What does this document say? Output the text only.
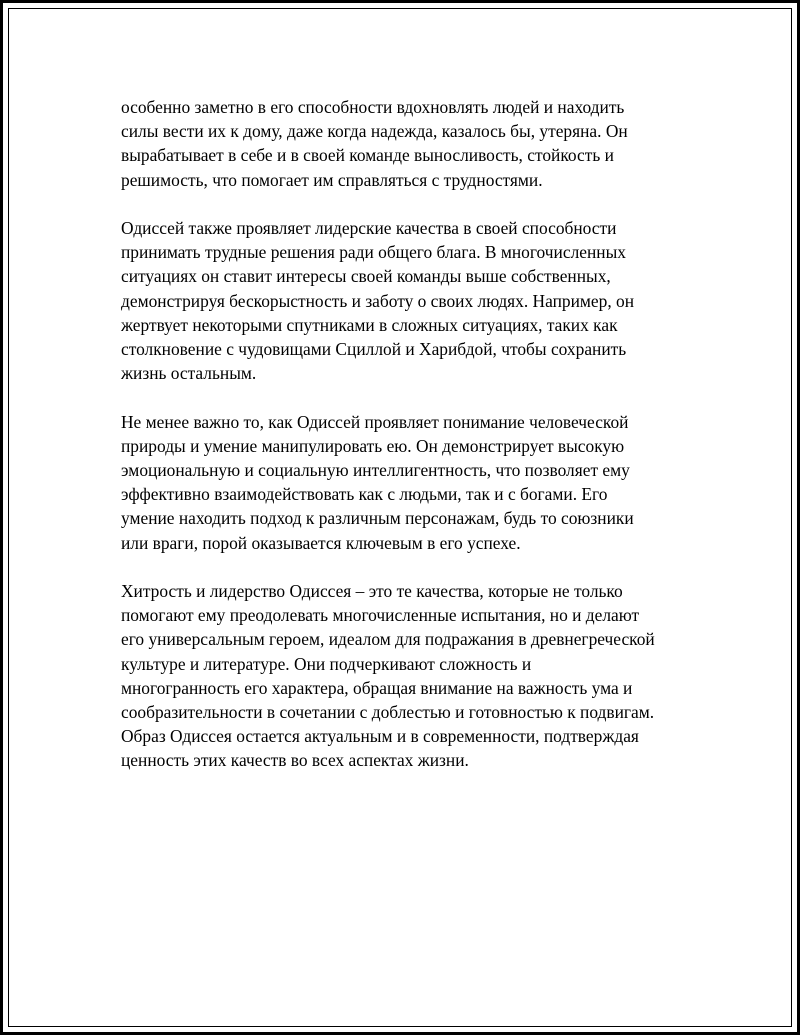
особенно заметно в его способности вдохновлять людей и находить
силы вести их к дому, даже когда надежда, казалось бы, утеряна. Он
вырабатывает в себе и в своей команде выносливость, стойкость и
решимость, что помогает им справляться с трудностями.

Одиссей также проявляет лидерские качества в своей способности
принимать трудные решения ради общего блага. В многочисленных
ситуациях он ставит интересы своей команды выше собственных,
демонстрируя бескорыстность и заботу о своих людях. Например, он
жертвует некоторыми спутниками в сложных ситуациях, таких как
столкновение с чудовищами Сциллой и Харибдой, чтобы сохранить
жизнь остальным.

Не менее важно то, как Одиссей проявляет понимание человеческой
природы и умение манипулировать ею. Он демонстрирует высокую
эмоциональную и социальную интеллигентность, что позволяет ему
эффективно взаимодействовать как с людьми, так и с богами. Его
умение находить подход к различным персонажам, будь то союзники
или враги, порой оказывается ключевым в его успехе.

Хитрость и лидерство Одиссея – это те качества, которые не только
помогают ему преодолевать многочисленные испытания, но и делают
его универсальным героем, идеалом для подражания в древнегреческой
культуре и литературе. Они подчеркивают сложность и
многогранность его характера, обращая внимание на важность ума и
сообразительности в сочетании с доблестью и готовностью к подвигам.
Образ Одиссея остается актуальным и в современности, подтверждая
ценность этих качеств во всех аспектах жизни.
